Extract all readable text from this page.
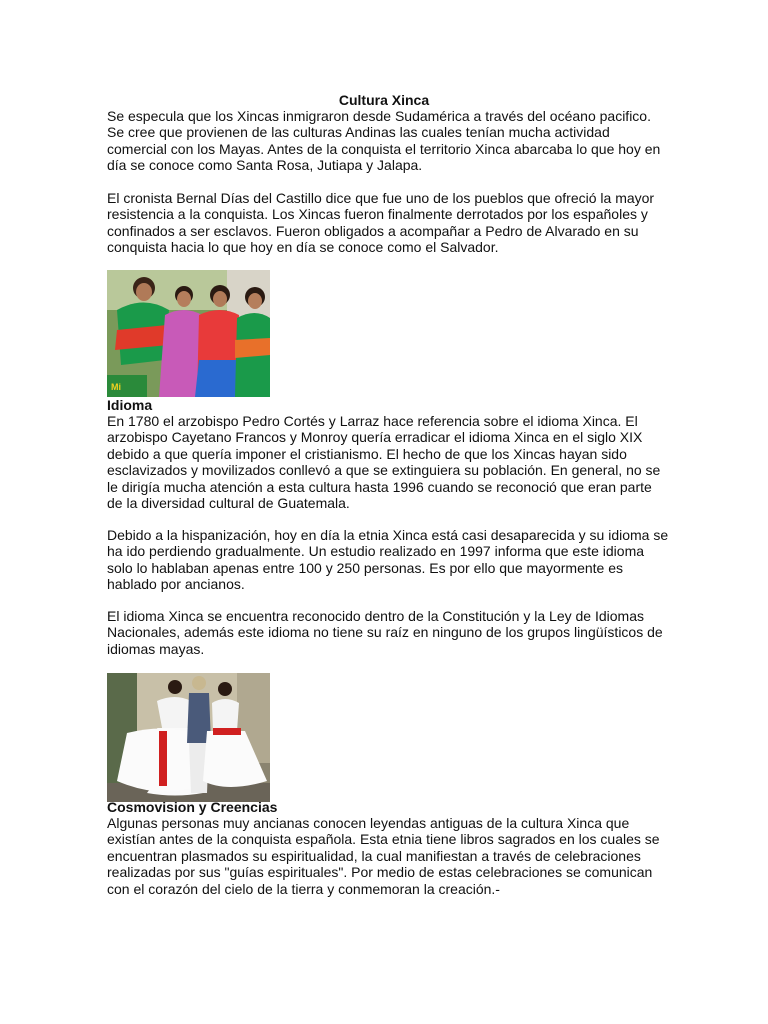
Cultura Xinca
Se especula que los Xincas inmigraron desde Sudamérica a través del océano pacifico.
Se cree que provienen de las culturas Andinas las cuales tenían mucha actividad
comercial con los Mayas. Antes de la conquista el territorio Xinca abarcaba lo que hoy en
día se conoce como Santa Rosa, Jutiapa y Jalapa.
El cronista Bernal Días del Castillo dice que fue uno de los pueblos que ofreció la mayor
resistencia a la conquista. Los Xincas fueron finalmente derrotados por los españoles y
confinados a ser esclavos. Fueron obligados a acompañar a Pedro de Alvarado en su
conquista hacia lo que hoy en día se conoce como el Salvador.
Mi
Idioma
En 1780 el arzobispo Pedro Cortés y Larraz hace referencia sobre el idioma Xinca. El
arzobispo Cayetano Francos y Monroy quería erradicar el idioma Xinca en el siglo XIX
debido a que quería imponer el cristianismo. El hecho de que los Xincas hayan sido
esclavizados y movilizados conllevó a que se extinguiera su población. En general, no se
le dirigía mucha atención a esta cultura hasta 1996 cuando se reconoció que eran parte
de la diversidad cultural de Guatemala.
Debido a la hispanización, hoy en día la etnia Xinca está casi desaparecida y su idioma se
ha ido perdiendo gradualmente. Un estudio realizado en 1997 informa que este idioma
solo lo hablaban apenas entre 100 y 250 personas. Es por ello que mayormente es
hablado por ancianos.
El idioma Xinca se encuentra reconocido dentro de la Constitución y la Ley de Idiomas
Nacionales, además este idioma no tiene su raíz en ninguno de los grupos lingüísticos de
idiomas mayas.
Cosmovision y Creencias
Algunas personas muy ancianas conocen leyendas antiguas de la cultura Xinca que
existían antes de la conquista española. Esta etnia tiene libros sagrados en los cuales se
encuentran plasmados su espiritualidad, la cual manifiestan a través de celebraciones
realizadas por sus "guías espirituales". Por medio de estas celebraciones se comunican
con el corazón del cielo de la tierra y conmemoran la creación.-
